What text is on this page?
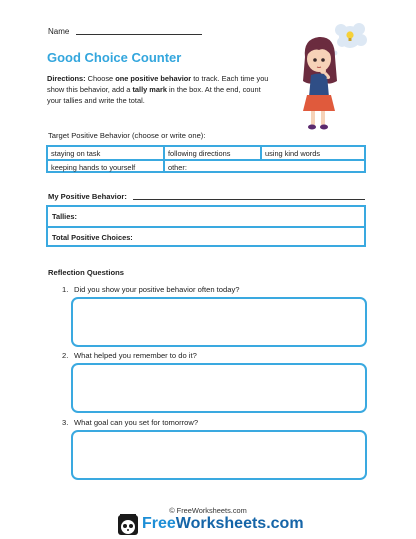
Name
Good Choice Counter
Directions: Choose one positive behavior to track. Each time you show this behavior, add a tally mark in the box. At the end, count your tallies and write the total.
Target Positive Behavior (choose or write one):
staying on task	following directions	using kind words
keeping hands to yourself	other:
My Positive Behavior:
Tallies:
Total Positive Choices:
Reflection Questions
1. Did you show your positive behavior often today?
2. What helped you remember to do it?
3. What goal can you set for tomorrow?
© FreeWorksheets.com
FreeWorksheets.com
